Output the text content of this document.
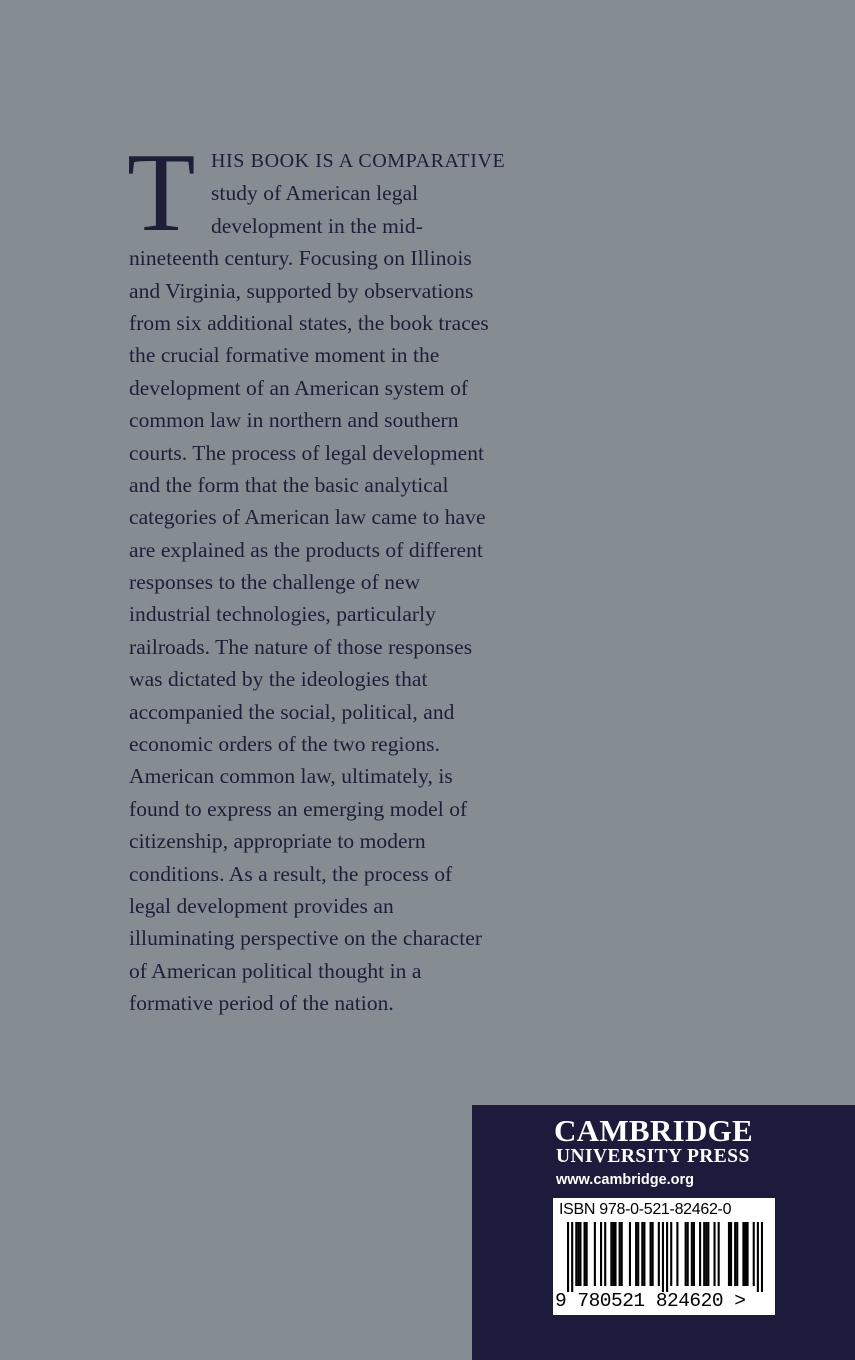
T HIS BOOK IS A COMPARATIVE
study of American legal
development in the mid-
nineteenth century. Focusing on Illinois
and Virginia, supported by observations
from six additional states, the book traces
the crucial formative moment in the
development of an American system of
common law in northern and southern
courts. The process of legal development
and the form that the basic analytical
categories of American law came to have
are explained as the products of different
responses to the challenge of new
industrial technologies, particularly
railroads. The nature of those responses
was dictated by the ideologies that
accompanied the social, political, and
economic orders of the two regions.
American common law, ultimately, is
found to express an emerging model of
citizenship, appropriate to modern
conditions. As a result, the process of
legal development provides an
illuminating perspective on the character
of American political thought in a
formative period of the nation.
CAMBRIDGE
UNIVERSITY PRESS
www.cambridge.org
ISBN 978-0-521-82462-0
9 780521 824620 >
